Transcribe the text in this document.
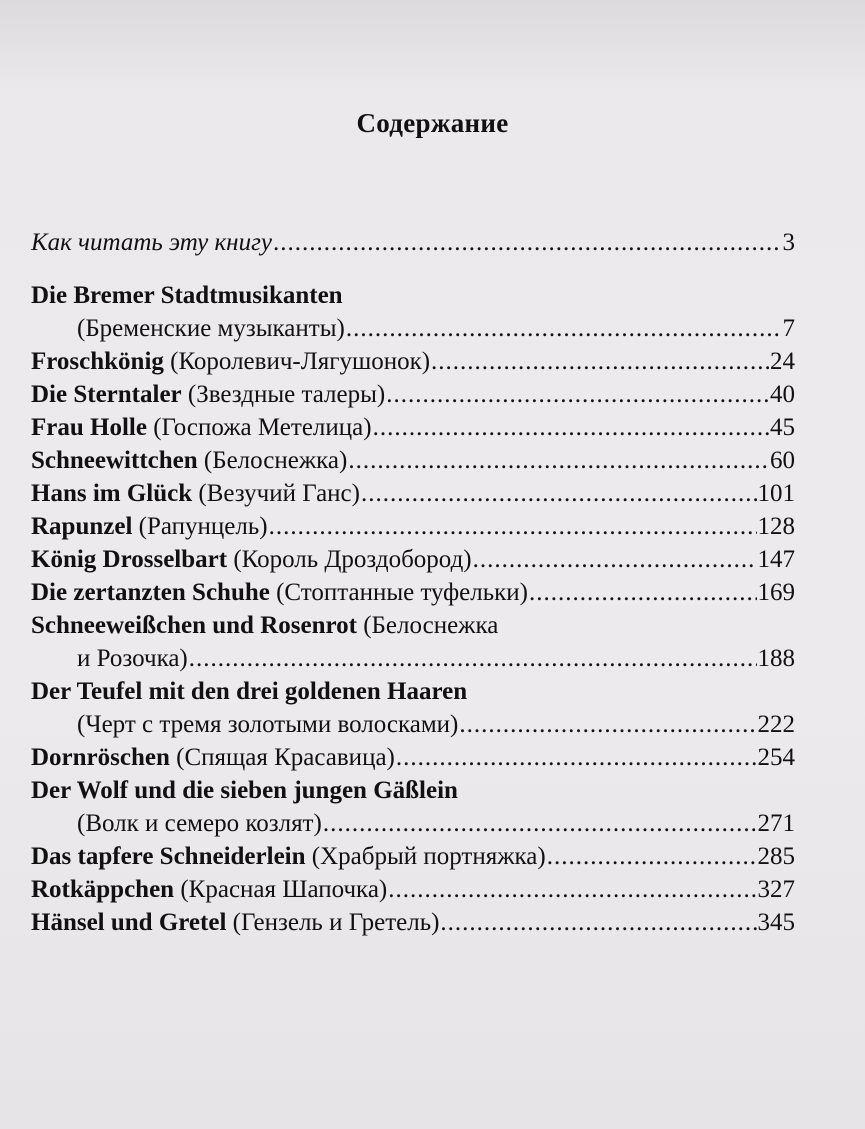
Содержание
Как читать эту книгу .....	3
Die Bremer Stadtmusikanten
(Бременские музыканты) .....	7
Froschkönig (Королевич-Лягушонок) .....	24
Die Sterntaler (Звездные талеры) .....	40
Frau Holle (Госпожа Метелица) .....	45
Schneewittchen (Белоснежка) .....	60
Hans im Glück (Везучий Ганс) .....	101
Rapunzel (Рапунцель) .....	128
König Drosselbart (Король Дроздобород) .....	147
Die zertanzten Schuhe (Стоптанные туфельки) .....	169
Schneeweißchen und Rosenrot (Белоснежка
и Розочка) .....	188
Der Teufel mit den drei goldenen Haaren
(Черт с тремя золотыми волосками) .....	222
Dornröschen (Спящая Красавица) .....	254
Der Wolf und die sieben jungen Gäßlein
(Волк и семеро козлят) .....	271
Das tapfere Schneiderlein (Храбрый портняжка) .....	285
Rotkäppchen (Красная Шапочка) .....	327
Hänsel und Gretel (Гензель и Гретель) .....	345
